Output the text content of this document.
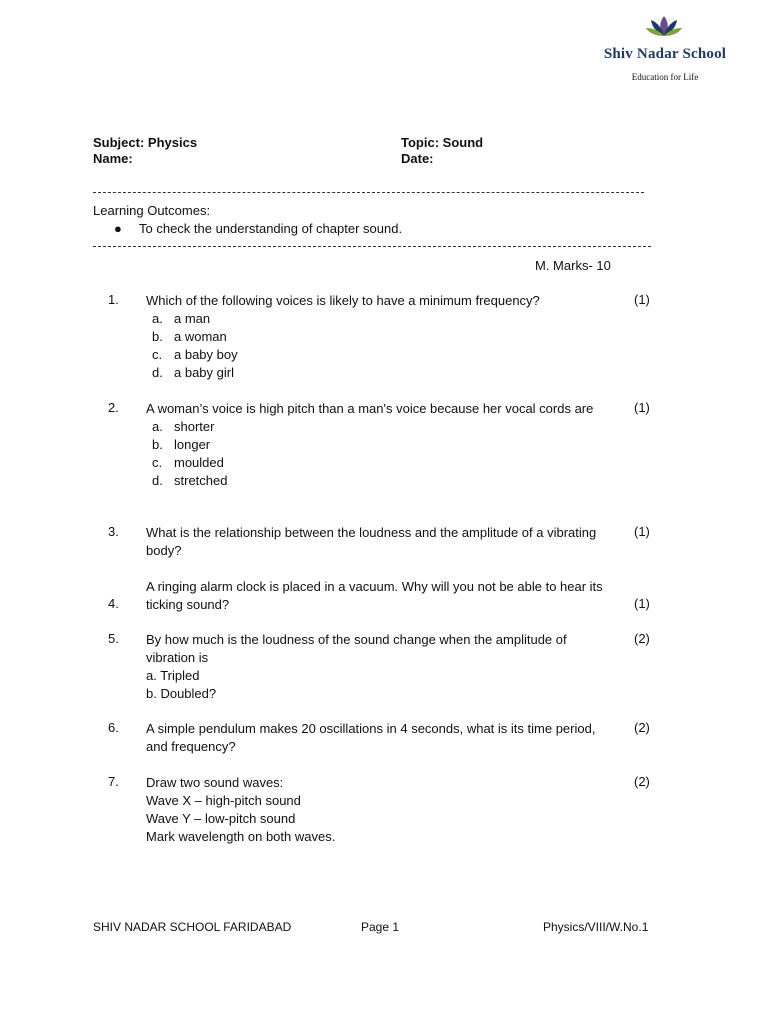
Shiv Nadar School
Education for Life
Subject: Physics	Topic: Sound
Name:	Date:
Learning Outcomes:
● To check the understanding of chapter sound.
M. Marks- 10
1. Which of the following voices is likely to have a minimum frequency?
a. a man
b. a woman
c. a baby boy
d. a baby girl
(1)
2. A woman’s voice is high pitch than a man's voice because her vocal cords are
a. shorter
b. longer
c. moulded
d. stretched
(1)
3. What is the relationship between the loudness and the amplitude of a vibrating body?
(1)
4.
A ringing alarm clock is placed in a vacuum. Why will you not be able to hear its ticking sound?	(1)
5. By how much is the loudness of the sound change when the amplitude of vibration is
a. Tripled
b. Doubled?
(2)
6. A simple pendulum makes 20 oscillations in 4 seconds, what is its time period, and frequency?
(2)
7. Draw two sound waves:
Wave X – high-pitch sound
Wave Y – low-pitch sound
Mark wavelength on both waves.
(2)
SHIV NADAR SCHOOL FARIDABAD	Page 1	Physics/VIII/W.No.1
